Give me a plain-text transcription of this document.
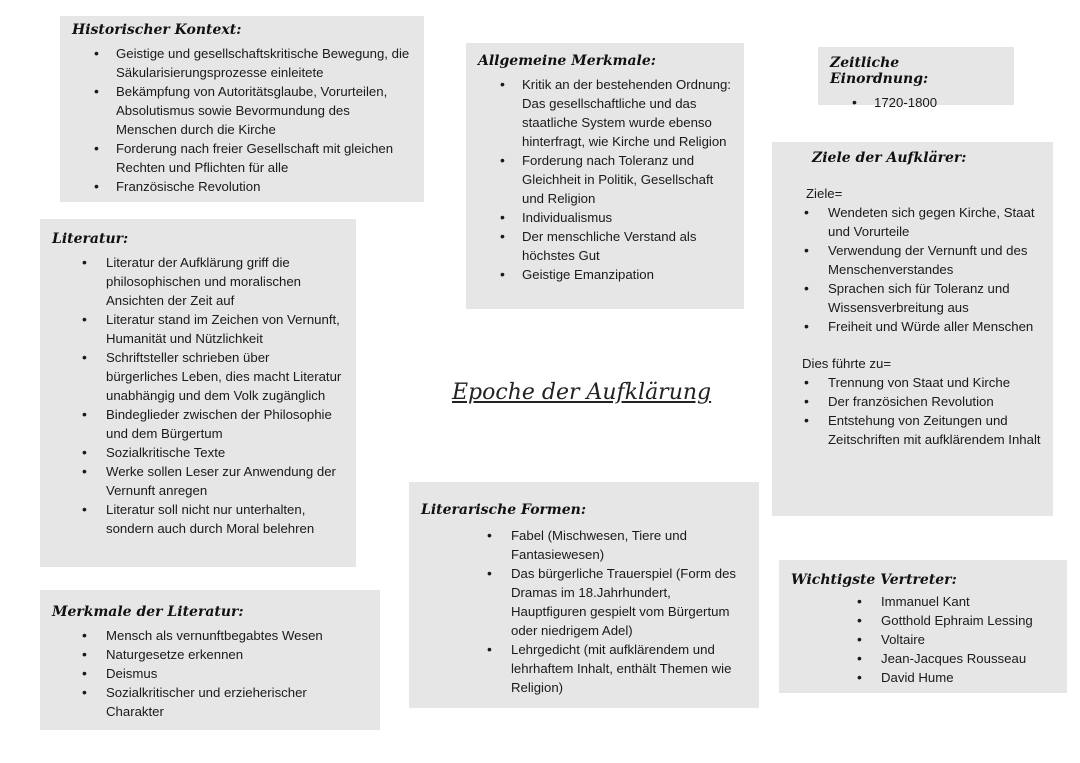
Epoche der Aufklärung
Historischer Kontext:
• Geistige und gesellschaftskritische Bewegung, die Säkularisierungsprozesse einleitete
• Bekämpfung von Autoritätsglaube, Vorurteilen, Absolutismus sowie Bevormundung des Menschen durch die Kirche
• Forderung nach freier Gesellschaft mit gleichen Rechten und Pflichten für alle
• Französische Revolution
Literatur:
• Literatur der Aufklärung griff die philosophischen und moralischen Ansichten der Zeit auf
• Literatur stand im Zeichen von Vernunft, Humanität und Nützlichkeit
• Schriftsteller schrieben über bürgerliches Leben, dies macht Literatur unabhängig und dem Volk zugänglich
• Bindeglieder zwischen der Philosophie und dem Bürgertum
• Sozialkritische Texte
• Werke sollen Leser zur Anwendung der Vernunft anregen
• Literatur soll nicht nur unterhalten, sondern auch durch Moral belehren
Merkmale der Literatur:
• Mensch als vernunftbegabtes Wesen
• Naturgesetze erkennen
• Deismus
• Sozialkritischer und erzieherischer Charakter
Allgemeine Merkmale:
• Kritik an der bestehenden Ordnung: Das gesellschaftliche und das staatliche System wurde ebenso hinterfragt, wie Kirche und Religion
• Forderung nach Toleranz und Gleichheit in Politik, Gesellschaft und Religion
• Individualismus
• Der menschliche Verstand als höchstes Gut
• Geistige Emanzipation
Zeitliche Einordnung:
• 1720-1800
Ziele der Aufklärer:
Ziele=
• Wendeten sich gegen Kirche, Staat und Vorurteile
• Verwendung der Vernunft und des Menschenverstandes
• Sprachen sich für Toleranz und Wissensverbreitung aus
• Freiheit und Würde aller Menschen
Dies führte zu=
• Trennung von Staat und Kirche
• Der französichen Revolution
• Entstehung von Zeitungen und Zeitschriften mit aufklärendem Inhalt
Literarische Formen:
• Fabel (Mischwesen, Tiere und Fantasiewesen)
• Das bürgerliche Trauerspiel (Form des Dramas im 18.Jahrhundert, Hauptfiguren gespielt vom Bürgertum oder niedrigem Adel)
• Lehrgedicht (mit aufklärendem und lehrhaftem Inhalt, enthält Themen wie Religion)
Wichtigste Vertreter:
• Immanuel Kant
• Gotthold Ephraim Lessing
• Voltaire
• Jean-Jacques Rousseau
• David Hume
